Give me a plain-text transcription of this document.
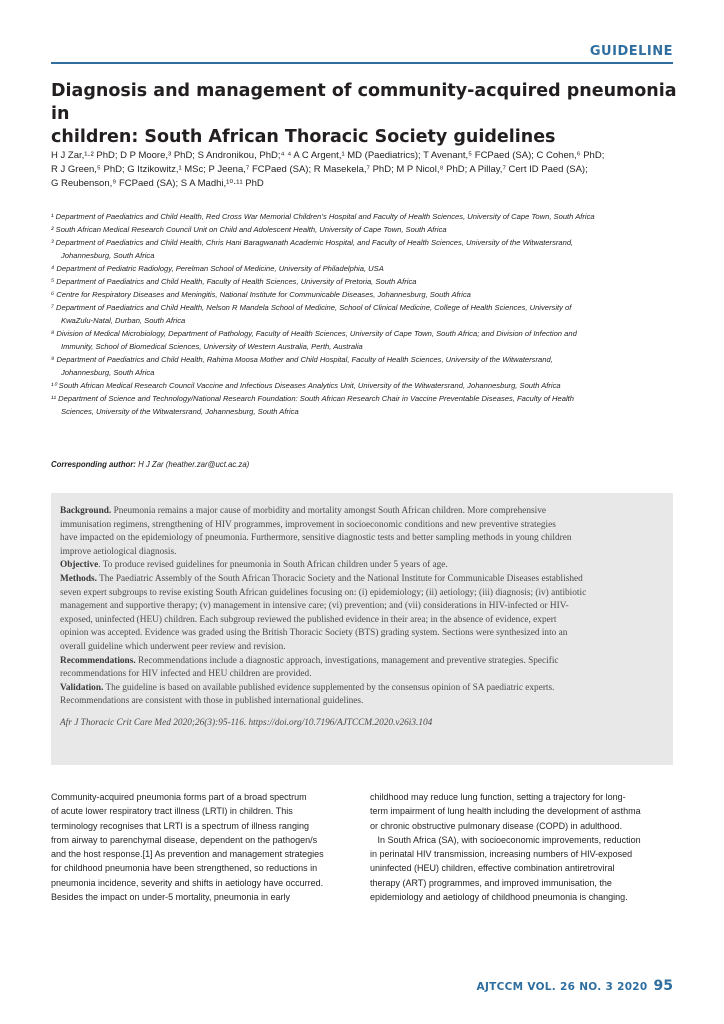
GUIDELINE
Diagnosis and management of community-acquired pneumonia in
children: South African Thoracic Society guidelines
H J Zar,¹·² PhD; D P Moore,³ PhD; S Andronikou, PhD;⁴ ⁴ A C Argent,¹ MD (Paediatrics); T Avenant,⁵ FCPaed (SA); C Cohen,⁶ PhD;
R J Green,⁵ PhD; G Itzikowitz,¹ MSc; P Jeena,⁷ FCPaed (SA); R Masekela,⁷ PhD; M P Nicol,⁸ PhD; A Pillay,⁷ Cert ID Paed (SA);
G Reubenson,⁹ FCPaed (SA); S A Madhi,¹⁰·¹¹ PhD
¹ Department of Paediatrics and Child Health, Red Cross War Memorial Children’s Hospital and Faculty of Health Sciences, University of Cape Town, South Africa
² South African Medical Research Council Unit on Child and Adolescent Health, University of Cape Town, South Africa
³ Department of Paediatrics and Child Health, Chris Hani Baragwanath Academic Hospital, and Faculty of Health Sciences, University of the Witwatersrand,
Johannesburg, South Africa
⁴ Department of Pediatric Radiology, Perelman School of Medicine, University of Philadelphia, USA
⁵ Department of Paediatrics and Child Health, Faculty of Health Sciences, University of Pretoria, South Africa
⁶ Centre for Respiratory Diseases and Meningitis, National Institute for Communicable Diseases, Johannesburg, South Africa
⁷ Department of Paediatrics and Child Health, Nelson R Mandela School of Medicine, School of Clinical Medicine, College of Health Sciences, University of
KwaZulu-Natal, Durban, South Africa
⁸ Division of Medical Microbiology, Department of Pathology, Faculty of Health Sciences, University of Cape Town, South Africa; and Division of Infection and
Immunity, School of Biomedical Sciences, University of Western Australia, Perth, Australia
⁹ Department of Paediatrics and Child Health, Rahima Moosa Mother and Child Hospital, Faculty of Health Sciences, University of the Witwatersrand,
Johannesburg, South Africa
¹⁰ South African Medical Research Council Vaccine and Infectious Diseases Analytics Unit, University of the Witwatersrand, Johannesburg, South Africa
¹¹ Department of Science and Technology/National Research Foundation: South African Research Chair in Vaccine Preventable Diseases, Faculty of Health
Sciences, University of the Witwatersrand, Johannesburg, South Africa
Corresponding author: H J Zar (heather.zar@uct.ac.za)
Background. Pneumonia remains a major cause of morbidity and mortality amongst South African children. More comprehensive
immunisation regimens, strengthening of HIV programmes, improvement in socioeconomic conditions and new preventive strategies
have impacted on the epidemiology of pneumonia. Furthermore, sensitive diagnostic tests and better sampling methods in young children
improve aetiological diagnosis.
Objective. To produce revised guidelines for pneumonia in South African children under 5 years of age.
Methods. The Paediatric Assembly of the South African Thoracic Society and the National Institute for Communicable Diseases established
seven expert subgroups to revise existing South African guidelines focusing on: (i) epidemiology; (ii) aetiology; (iii) diagnosis; (iv) antibiotic
management and supportive therapy; (v) management in intensive care; (vi) prevention; and (vii) considerations in HIV-infected or HIV-
exposed, uninfected (HEU) children. Each subgroup reviewed the published evidence in their area; in the absence of evidence, expert
opinion was accepted. Evidence was graded using the British Thoracic Society (BTS) grading system. Sections were synthesized into an
overall guideline which underwent peer review and revision.
Recommendations. Recommendations include a diagnostic approach, investigations, management and preventive strategies. Specific
recommendations for HIV infected and HEU children are provided.
Validation. The guideline is based on available published evidence supplemented by the consensus opinion of SA paediatric experts.
Recommendations are consistent with those in published international guidelines.
Afr J Thoracic Crit Care Med 2020;26(3):95-116. https://doi.org/10.7196/AJTCCM.2020.v26i3.104
Community-acquired pneumonia forms part of a broad spectrum
of acute lower respiratory tract illness (LRTI) in children. This
terminology recognises that LRTI is a spectrum of illness ranging
from airway to parenchymal disease, dependent on the pathogen/s
and the host response.[1] As prevention and management strategies
for childhood pneumonia have been strengthened, so reductions in
pneumonia incidence, severity and shifts in aetiology have occurred.
Besides the impact on under-5 mortality, pneumonia in early
childhood may reduce lung function, setting a trajectory for long-
term impairment of lung health including the development of asthma
or chronic obstructive pulmonary disease (COPD) in adulthood.
In South Africa (SA), with socioeconomic improvements, reduction
in perinatal HIV transmission, increasing numbers of HIV-exposed
uninfected (HEU) children, effective combination antiretroviral
therapy (ART) programmes, and improved immunisation, the
epidemiology and aetiology of childhood pneumonia is changing.
AJTCCM VOL. 26 NO. 3 2020 95
